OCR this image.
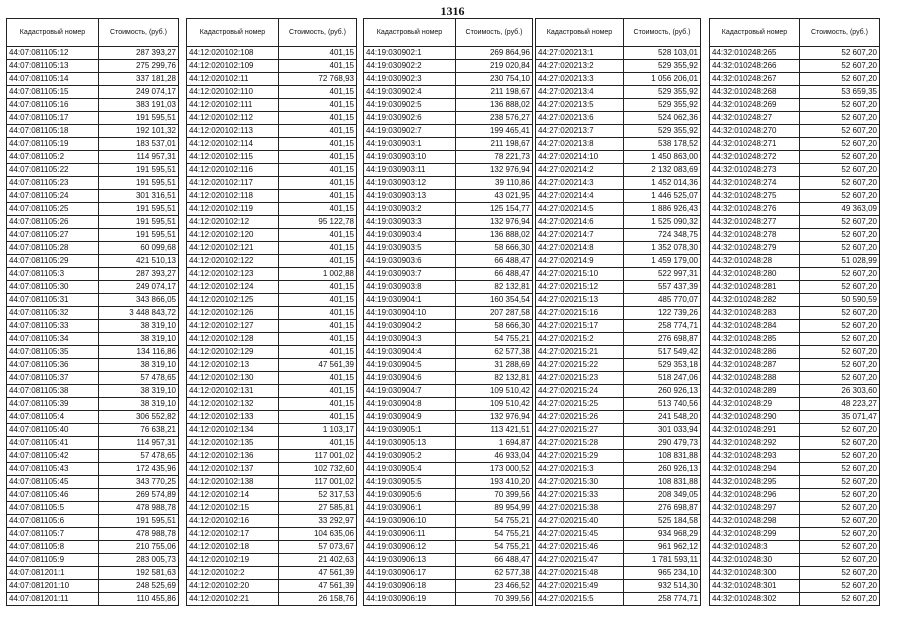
1316
Кадастровый номер	Стоимость, (руб.)
44:07:081105:12	287 393,27
44:07:081105:13	275 299,76
44:07:081105:14	337 181,28
44:07:081105:15	249 074,17
44:07:081105:16	383 191,03
44:07:081105:17	191 595,51
44:07:081105:18	192 101,32
44:07:081105:19	183 537,01
44:07:081105:2	114 957,31
44:07:081105:22	191 595,51
44:07:081105:23	191 595,51
44:07:081105:24	301 316,51
44:07:081105:25	191 595,51
44:07:081105:26	191 595,51
44:07:081105:27	191 595,51
44:07:081105:28	60 099,68
44:07:081105:29	421 510,13
44:07:081105:3	287 393,27
44:07:081105:30	249 074,17
44:07:081105:31	343 866,05
44:07:081105:32	3 448 843,72
44:07:081105:33	38 319,10
44:07:081105:34	38 319,10
44:07:081105:35	134 116,86
44:07:081105:36	38 319,10
44:07:081105:37	57 478,65
44:07:081105:38	38 319,10
44:07:081105:39	38 319,10
44:07:081105:4	306 552,82
44:07:081105:40	76 638,21
44:07:081105:41	114 957,31
44:07:081105:42	57 478,65
44:07:081105:43	172 435,96
44:07:081105:45	343 770,25
44:07:081105:46	269 574,89
44:07:081105:5	478 988,78
44:07:081105:6	191 595,51
44:07:081105:7	478 988,78
44:07:081105:8	210 755,06
44:07:081105:9	283 005,73
44:07:081201:1	192 581,63
44:07:081201:10	248 525,69
44:07:081201:11	110 455,86
Кадастровый номер	Стоимость, (руб.)
44:12:020102:108	401,15
44:12:020102:109	401,15
44:12:020102:11	72 768,93
44:12:020102:110	401,15
44:12:020102:111	401,15
44:12:020102:112	401,15
44:12:020102:113	401,15
44:12:020102:114	401,15
44:12:020102:115	401,15
44:12:020102:116	401,15
44:12:020102:117	401,15
44:12:020102:118	401,15
44:12:020102:119	401,15
44:12:020102:12	95 122,78
44:12:020102:120	401,15
44:12:020102:121	401,15
44:12:020102:122	401,15
44:12:020102:123	1 002,88
44:12:020102:124	401,15
44:12:020102:125	401,15
44:12:020102:126	401,15
44:12:020102:127	401,15
44:12:020102:128	401,15
44:12:020102:129	401,15
44:12:020102:13	47 561,39
44:12:020102:130	401,15
44:12:020102:131	401,15
44:12:020102:132	401,15
44:12:020102:133	401,15
44:12:020102:134	1 103,17
44:12:020102:135	401,15
44:12:020102:136	117 001,02
44:12:020102:137	102 732,60
44:12:020102:138	117 001,02
44:12:020102:14	52 317,53
44:12:020102:15	27 585,81
44:12:020102:16	33 292,97
44:12:020102:17	104 635,06
44:12:020102:18	57 073,67
44:12:020102:19	21 402,63
44:12:020102:2	47 561,39
44:12:020102:20	47 561,39
44:12:020102:21	26 158,76
Кадастровый номер	Стоимость, (руб.)
44:19:030902:1	269 864,96
44:19:030902:2	219 020,84
44:19:030902:3	230 754,10
44:19:030902:4	211 198,67
44:19:030902:5	136 888,02
44:19:030902:6	238 576,27
44:19:030902:7	199 465,41
44:19:030903:1	211 198,67
44:19:030903:10	78 221,73
44:19:030903:11	132 976,94
44:19:030903:12	39 110,86
44:19:030903:13	43 021,95
44:19:030903:2	125 154,77
44:19:030903:3	132 976,94
44:19:030903:4	136 888,02
44:19:030903:5	58 666,30
44:19:030903:6	66 488,47
44:19:030903:7	66 488,47
44:19:030903:8	82 132,81
44:19:030904:1	160 354,54
44:19:030904:10	207 287,58
44:19:030904:2	58 666,30
44:19:030904:3	54 755,21
44:19:030904:4	62 577,38
44:19:030904:5	31 288,69
44:19:030904:6	82 132,81
44:19:030904:7	109 510,42
44:19:030904:8	109 510,42
44:19:030904:9	132 976,94
44:19:030905:1	113 421,51
44:19:030905:13	1 694,87
44:19:030905:2	46 933,04
44:19:030905:4	173 000,52
44:19:030905:5	193 410,20
44:19:030905:6	70 399,56
44:19:030906:1	89 954,99
44:19:030906:10	54 755,21
44:19:030906:11	54 755,21
44:19:030906:12	54 755,21
44:19:030906:13	66 488,47
44:19:030906:17	62 577,38
44:19:030906:18	23 466,52
44:19:030906:19	70 399,56
Кадастровый номер	Стоимость, (руб.)
44:27:020213:1	528 103,01
44:27:020213:2	529 355,92
44:27:020213:3	1 056 206,01
44:27:020213:4	529 355,92
44:27:020213:5	529 355,92
44:27:020213:6	524 062,36
44:27:020213:7	529 355,92
44:27:020213:8	538 178,52
44:27:020214:10	1 450 863,00
44:27:020214:2	2 132 083,69
44:27:020214:3	1 452 014,36
44:27:020214:4	1 446 525,07
44:27:020214:5	1 886 926,43
44:27:020214:6	1 525 090,32
44:27:020214:7	724 348,75
44:27:020214:8	1 352 078,30
44:27:020214:9	1 459 179,00
44:27:020215:10	522 997,31
44:27:020215:12	557 437,39
44:27:020215:13	485 770,07
44:27:020215:16	122 739,26
44:27:020215:17	258 774,71
44:27:020215:2	276 698,87
44:27:020215:21	517 549,42
44:27:020215:22	529 353,18
44:27:020215:23	518 247,06
44:27:020215:24	260 926,13
44:27:020215:25	513 740,56
44:27:020215:26	241 548,20
44:27:020215:27	301 033,94
44:27:020215:28	290 479,73
44:27:020215:29	108 831,88
44:27:020215:3	260 926,13
44:27:020215:30	108 831,88
44:27:020215:33	208 349,05
44:27:020215:38	276 698,87
44:27:020215:40	525 184,58
44:27:020215:45	934 968,29
44:27:020215:46	961 962,12
44:27:020215:47	1 781 593,11
44:27:020215:48	965 234,10
44:27:020215:49	932 514,30
44:27:020215:5	258 774,71
Кадастровый номер	Стоимость, (руб.)
44:32:010248:265	52 607,20
44:32:010248:266	52 607,20
44:32:010248:267	52 607,20
44:32:010248:268	53 659,35
44:32:010248:269	52 607,20
44:32:010248:27	52 607,20
44:32:010248:270	52 607,20
44:32:010248:271	52 607,20
44:32:010248:272	52 607,20
44:32:010248:273	52 607,20
44:32:010248:274	52 607,20
44:32:010248:275	52 607,20
44:32:010248:276	49 363,09
44:32:010248:277	52 607,20
44:32:010248:278	52 607,20
44:32:010248:279	52 607,20
44:32:010248:28	51 028,99
44:32:010248:280	52 607,20
44:32:010248:281	52 607,20
44:32:010248:282	50 590,59
44:32:010248:283	52 607,20
44:32:010248:284	52 607,20
44:32:010248:285	52 607,20
44:32:010248:286	52 607,20
44:32:010248:287	52 607,20
44:32:010248:288	52 607,20
44:32:010248:289	26 303,60
44:32:010248:29	48 223,27
44:32:010248:290	35 071,47
44:32:010248:291	52 607,20
44:32:010248:292	52 607,20
44:32:010248:293	52 607,20
44:32:010248:294	52 607,20
44:32:010248:295	52 607,20
44:32:010248:296	52 607,20
44:32:010248:297	52 607,20
44:32:010248:298	52 607,20
44:32:010248:299	52 607,20
44:32:010248:3	52 607,20
44:32:010248:30	52 607,20
44:32:010248:300	52 607,20
44:32:010248:301	52 607,20
44:32:010248:302	52 607,20
